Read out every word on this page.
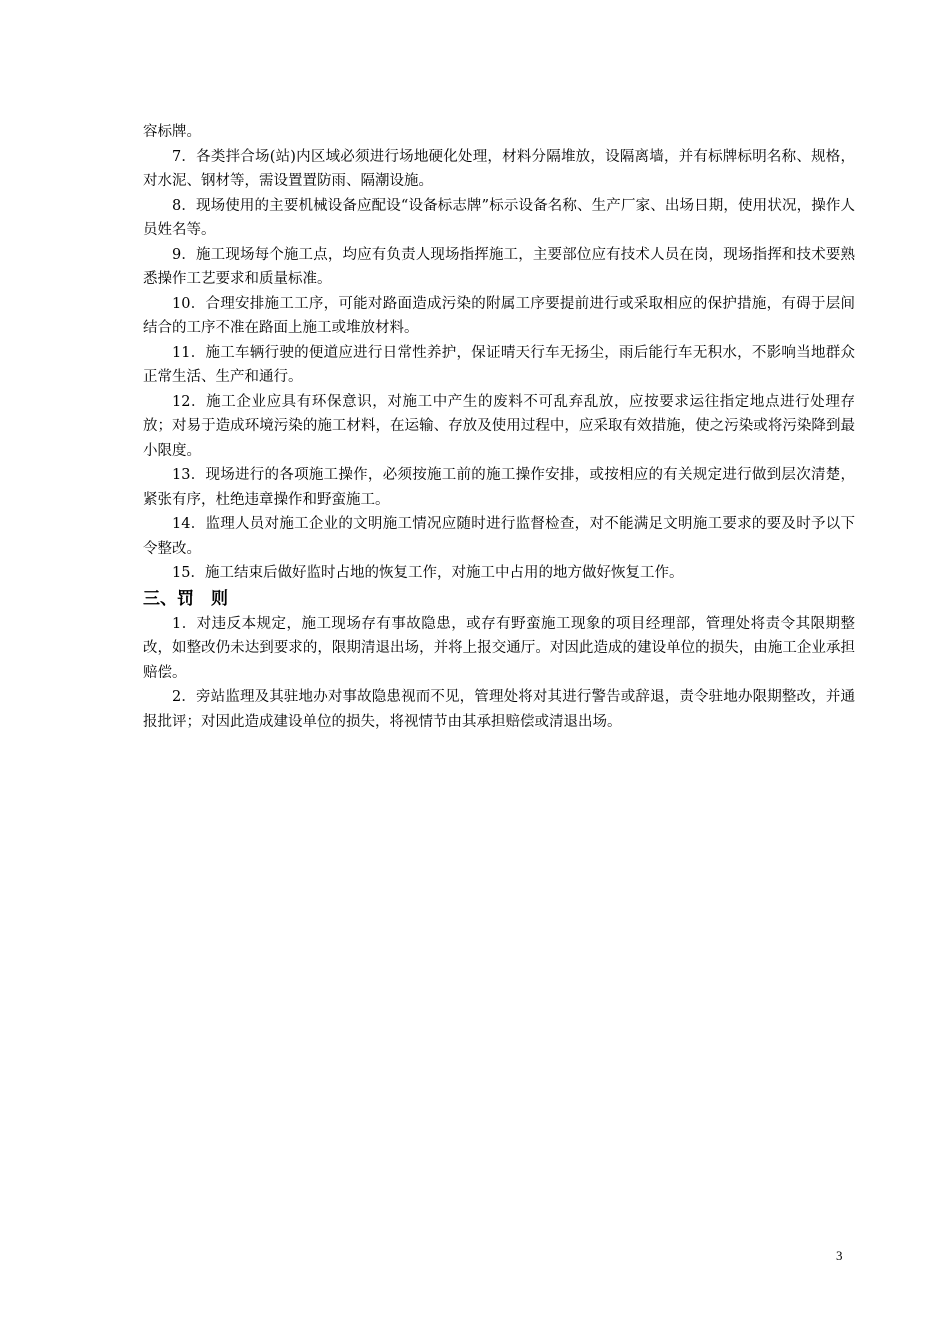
容标牌。

7．各类拌合场(站)内区域必须进行场地硬化处理，材料分隔堆放，设隔离墙，并有标牌标明名称、规格，对水泥、钢材等，需设置置防雨、隔潮设施。

8．现场使用的主要机械设备应配设“设备标志牌”标示设备名称、生产厂家、出场日期，使用状况，操作人员姓名等。

9．施工现场每个施工点，均应有负责人现场指挥施工，主要部位应有技术人员在岗，现场指挥和技术要熟悉操作工艺要求和质量标准。

10．合理安排施工工序，可能对路面造成污染的附属工序要提前进行或采取相应的保护措施，有碍于层间结合的工序不准在路面上施工或堆放材料。

11．施工车辆行驶的便道应进行日常性养护，保证晴天行车无扬尘，雨后能行车无积水，不影响当地群众正常生活、生产和通行。

12．施工企业应具有环保意识，对施工中产生的废料不可乱弃乱放，应按要求运往指定地点进行处理存放；对易于造成环境污染的施工材料，在运输、存放及使用过程中，应采取有效措施，使之污染或将污染降到最小限度。

13．现场进行的各项施工操作，必须按施工前的施工操作安排，或按相应的有关规定进行做到层次清楚，紧张有序，杜绝违章操作和野蛮施工。

14．监理人员对施工企业的文明施工情况应随时进行监督检查，对不能满足文明施工要求的要及时予以下令整改。

15．施工结束后做好监时占地的恢复工作，对施工中占用的地方做好恢复工作。

三、罚　则

1．对违反本规定，施工现场存有事故隐患，或存有野蛮施工现象的项目经理部，管理处将责令其限期整改，如整改仍未达到要求的，限期清退出场，并将上报交通厅。对因此造成的建设单位的损失，由施工企业承担赔偿。

2．旁站监理及其驻地办对事故隐患视而不见，管理处将对其进行警告或辞退，责令驻地办限期整改，并通报批评；对因此造成建设单位的损失，将视情节由其承担赔偿或清退出场。

3
